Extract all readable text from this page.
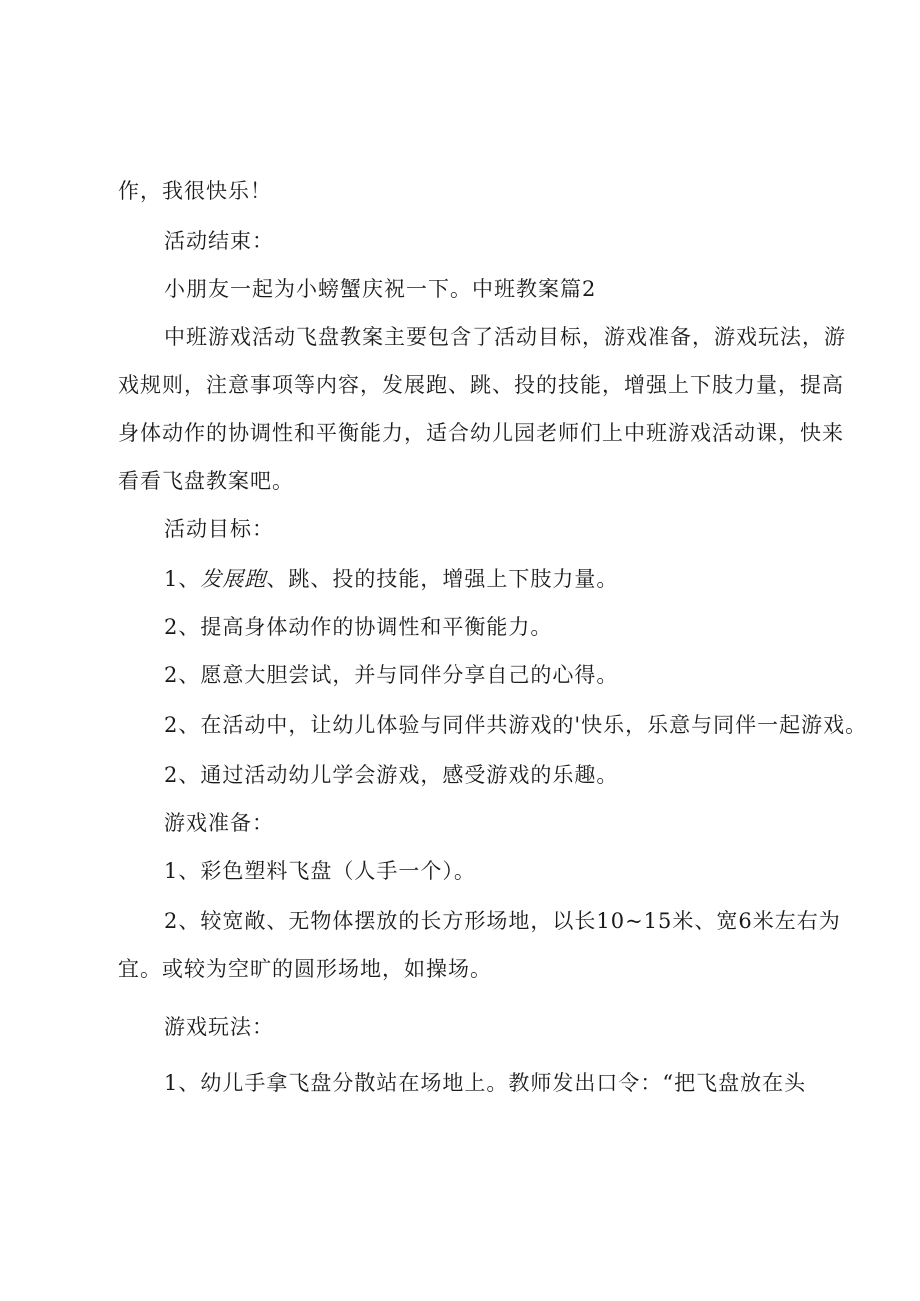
作，我很快乐！
活动结束：
小朋友一起为小螃蟹庆祝一下。中班教案篇2
中班游戏活动飞盘教案主要包含了活动目标，游戏准备，游戏玩法，游
戏规则，注意事项等内容，发展跑、跳、投的技能，增强上下肢力量，提高
身体动作的协调性和平衡能力，适合幼儿园老师们上中班游戏活动课，快来
看看飞盘教案吧。
活动目标：
1、发展跑、跳、投的技能，增强上下肢力量。
2、提高身体动作的协调性和平衡能力。
2、愿意大胆尝试，并与同伴分享自己的心得。
2、在活动中，让幼儿体验与同伴共游戏的'快乐，乐意与同伴一起游戏。
2、通过活动幼儿学会游戏，感受游戏的乐趣。
游戏准备：
1、彩色塑料飞盘（人手一个）。
2、较宽敞、无物体摆放的长方形场地，以长10~15米、宽6米左右为
宜。或较为空旷的圆形场地，如操场。
游戏玩法：
1、幼儿手拿飞盘分散站在场地上。教师发出口令：“把飞盘放在头
